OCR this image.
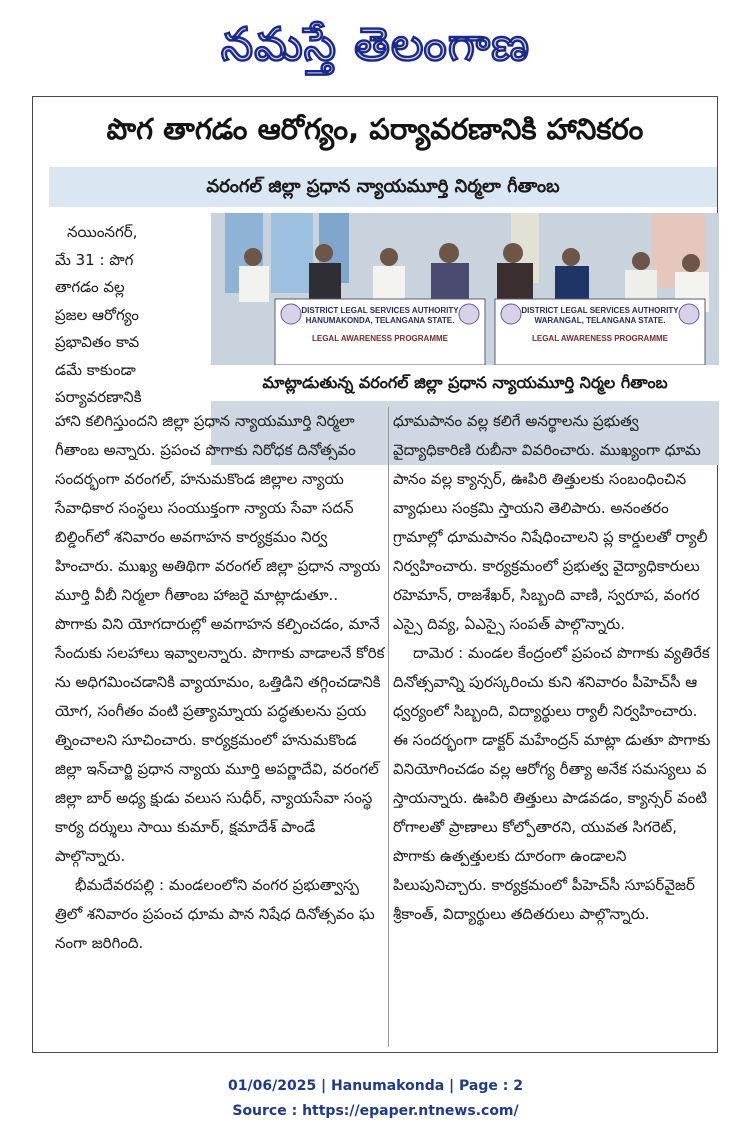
నమస్తే తెలంగాణ
పొగ తాగడం ఆరోగ్యం, పర్యావరణానికి హానికరం
వరంగల్ జిల్లా ప్రధాన న్యాయమూర్తి నిర్మలా గీతాంబ
నయింనగర్,
మే 31 : పొగ
తాగడం వల్ల
ప్రజల ఆరోగ్యం
ప్రభావితం కావ
డమే కాకుండా
పర్యావరణానికి
DISTRICT LEGAL SERVICES AUTHORITY
HANUMAKONDA, TELANGANA STATE.
LEGAL AWARENESS PROGRAMME
DISTRICT LEGAL SERVICES AUTHORITY
WARANGAL, TELANGANA STATE.
LEGAL AWARENESS PROGRAMME
మాట్లాడుతున్న వరంగల్ జిల్లా ప్రధాన న్యాయమూర్తి నిర్మల గీతాంబ

హాని కలిగిస్తుందని జిల్లా ప్రధాన న్యాయమూర్తి నిర్మలా గీతాంబ అన్నారు. ప్రపంచ పొగాకు నిరోధక దినోత్సవం సందర్భంగా వరంగల్, హనుమకొండ జిల్లాల న్యాయ సేవాధికార సంస్థలు సంయుక్తంగా న్యాయ సేవా సదన్ బిల్డింగ్‌లో శనివారం అవగాహన కార్యక్రమం నిర్వహించారు. ముఖ్య అతిథిగా వరంగల్ జిల్లా ప్రధాన న్యాయమూర్తి వీబీ నిర్మలా గీతాంబ హాజరై మాట్లాడుతూ.. పొగాకు విని యోగదారుల్లో అవగాహన కల్పించడం, మానే సేందుకు సలహాలు ఇవ్వాలన్నారు. పొగాకు వాడాలనే కోరికను అధిగమించడానికి వ్యాయామం, ఒత్తిడిని తగ్గించడానికి యోగ, సంగీతం వంటి ప్రత్యామ్నాయ పద్ధతులను ప్రయత్నించాలని సూచించారు. కార్యక్రమంలో హనుమకొండ జిల్లా ఇన్‌చార్జి ప్రధాన న్యాయ మూర్తి అపర్ణాదేవి, వరంగల్ జిల్లా బార్ అధ్య క్షుడు వలుస సుధీర్, న్యాయసేవా సంస్థ కార్య దర్శులు సాయి కుమార్, క్షమాదేశ్ పాండే పాల్గొన్నారు.

భీమదేవరపల్లి : మండలంలోని వంగర ప్రభుత్వాస్పత్రిలో శనివారం ప్రపంచ ధూమ పాన నిషేధ దినోత్సవం ఘనంగా జరిగింది.

ధూమపానం వల్ల కలిగే అనర్థాలను ప్రభుత్వ వైద్యాధికారిణి రుబీనా వివరించారు. ముఖ్యంగా ధూమపానం వల్ల క్యాన్సర్, ఊపిరి తిత్తులకు సంబంధించిన వ్యాధులు సంక్రమి స్తాయని తెలిపారు. అనంతరం గ్రామాల్లో ధూమపానం నిషేధించాలని ప్ల కార్డులతో ర్యాలీ నిర్వహించారు. కార్యక్రమంలో ప్రభుత్వ వైద్యాధికారులు రహెమాన్, రాజశేఖర్, సిబ్బంది వాణి, స్వరూప, వంగర ఎస్సై దివ్య, ఏఎస్సై సంపత్ పాల్గొన్నారు.

దామెర : మండల కేంద్రంలో ప్రపంచ పొగాకు వ్యతిరేక దినోత్సవాన్ని పురస్కరించు కుని శనివారం పీహెచ్‌సీ ఆధ్వర్యంలో సిబ్బంది, విద్యార్థులు ర్యాలీ నిర్వహించారు. ఈ సందర్భంగా డాక్టర్ మహేంద్రన్ మాట్లా డుతూ పొగాకు వినియోగించడం వల్ల ఆరోగ్య రీత్యా అనేక సమస్యలు వస్తాయన్నారు. ఊపిరి తిత్తులు పాడవడం, క్యాన్సర్ వంటి రోగాలతో ప్రాణాలు కోల్పోతారని, యువత సిగరెట్, పొగాకు ఉత్పత్తులకు దూరంగా ఉండాలని పిలుపునిచ్చారు. కార్యక్రమంలో పీహెచ్‌సీ సూపర్‌వైజర్ శ్రీకాంత్, విద్యార్థులు తదితరులు పాల్గొన్నారు.

01/06/2025 | Hanumakonda | Page : 2
Source : https://epaper.ntnews.com/
